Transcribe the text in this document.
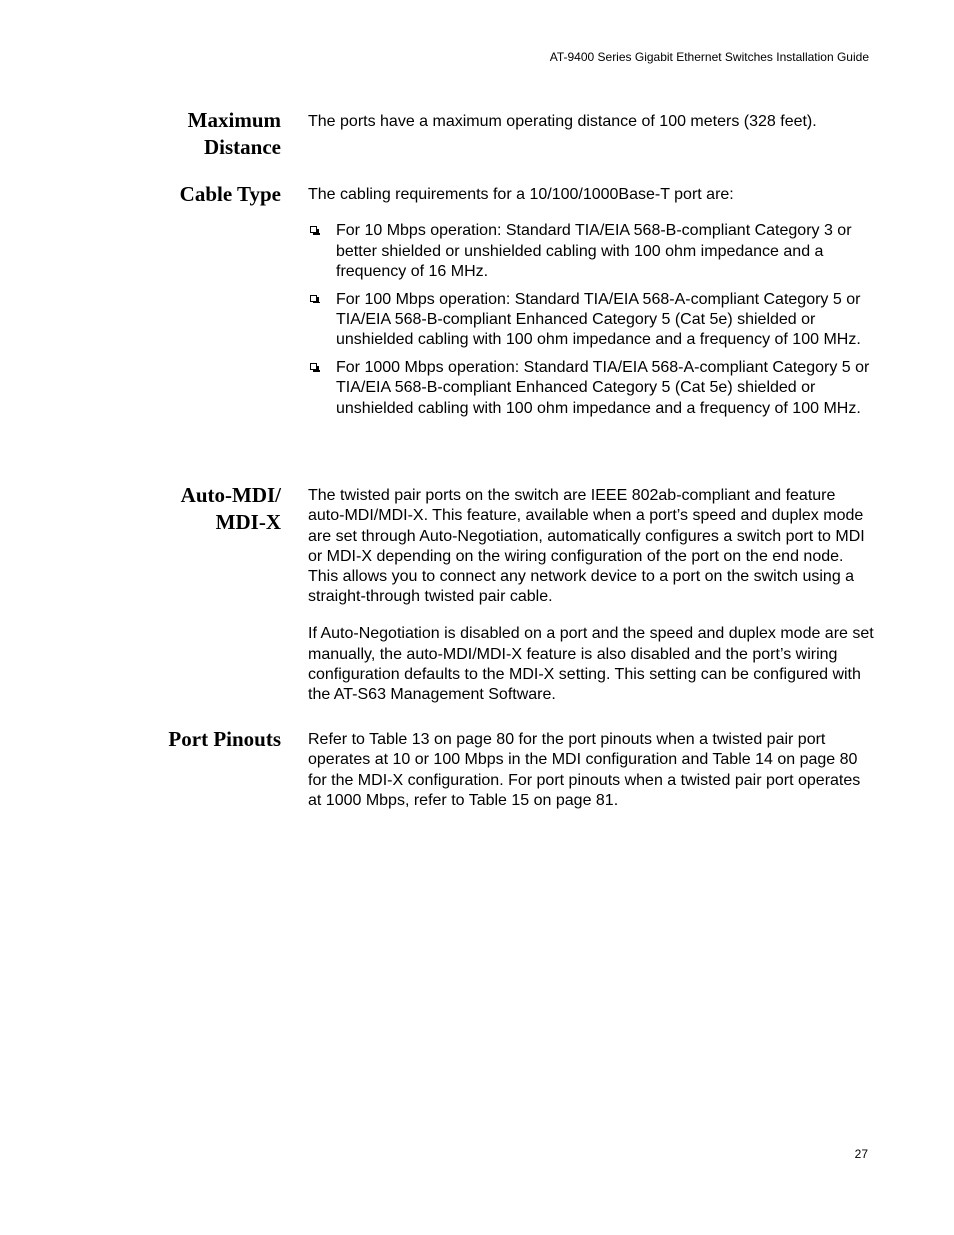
AT-9400 Series Gigabit Ethernet Switches Installation Guide
Maximum
Distance

The ports have a maximum operating distance of 100 meters (328 feet).

Cable Type The cabling requirements for a 10/100/1000Base-T port are:

For 10 Mbps operation: Standard TIA/EIA 568-B-compliant Category 3 or better shielded or unshielded cabling with 100 ohm impedance and a frequency of 16 MHz.
For 100 Mbps operation: Standard TIA/EIA 568-A-compliant Category 5 or TIA/EIA 568-B-compliant Enhanced Category 5 (Cat 5e) shielded or unshielded cabling with 100 ohm impedance and a frequency of 100 MHz.
For 1000 Mbps operation: Standard TIA/EIA 568-A-compliant Category 5 or TIA/EIA 568-B-compliant Enhanced Category 5 (Cat 5e) shielded or unshielded cabling with 100 ohm impedance and a frequency of 100 MHz.
Auto-MDI/
MDI-X

The twisted pair ports on the switch are IEEE 802ab-compliant and feature auto-MDI/MDI-X. This feature, available when a port’s speed and duplex mode are set through Auto-Negotiation, automatically configures a switch port to MDI or MDI-X depending on the wiring configuration of the port on the end node. This allows you to connect any network device to a port on the switch using a straight-through twisted pair cable.

If Auto-Negotiation is disabled on a port and the speed and duplex mode are set manually, the auto-MDI/MDI-X feature is also disabled and the port’s wiring configuration defaults to the MDI-X setting. This setting can be configured with the AT-S63 Management Software.

Port Pinouts Refer to Table 13 on page 80 for the port pinouts when a twisted pair port operates at 10 or 100 Mbps in the MDI configuration and Table 14 on page 80 for the MDI-X configuration. For port pinouts when a twisted pair port operates at 1000 Mbps, refer to Table 15 on page 81.

27
